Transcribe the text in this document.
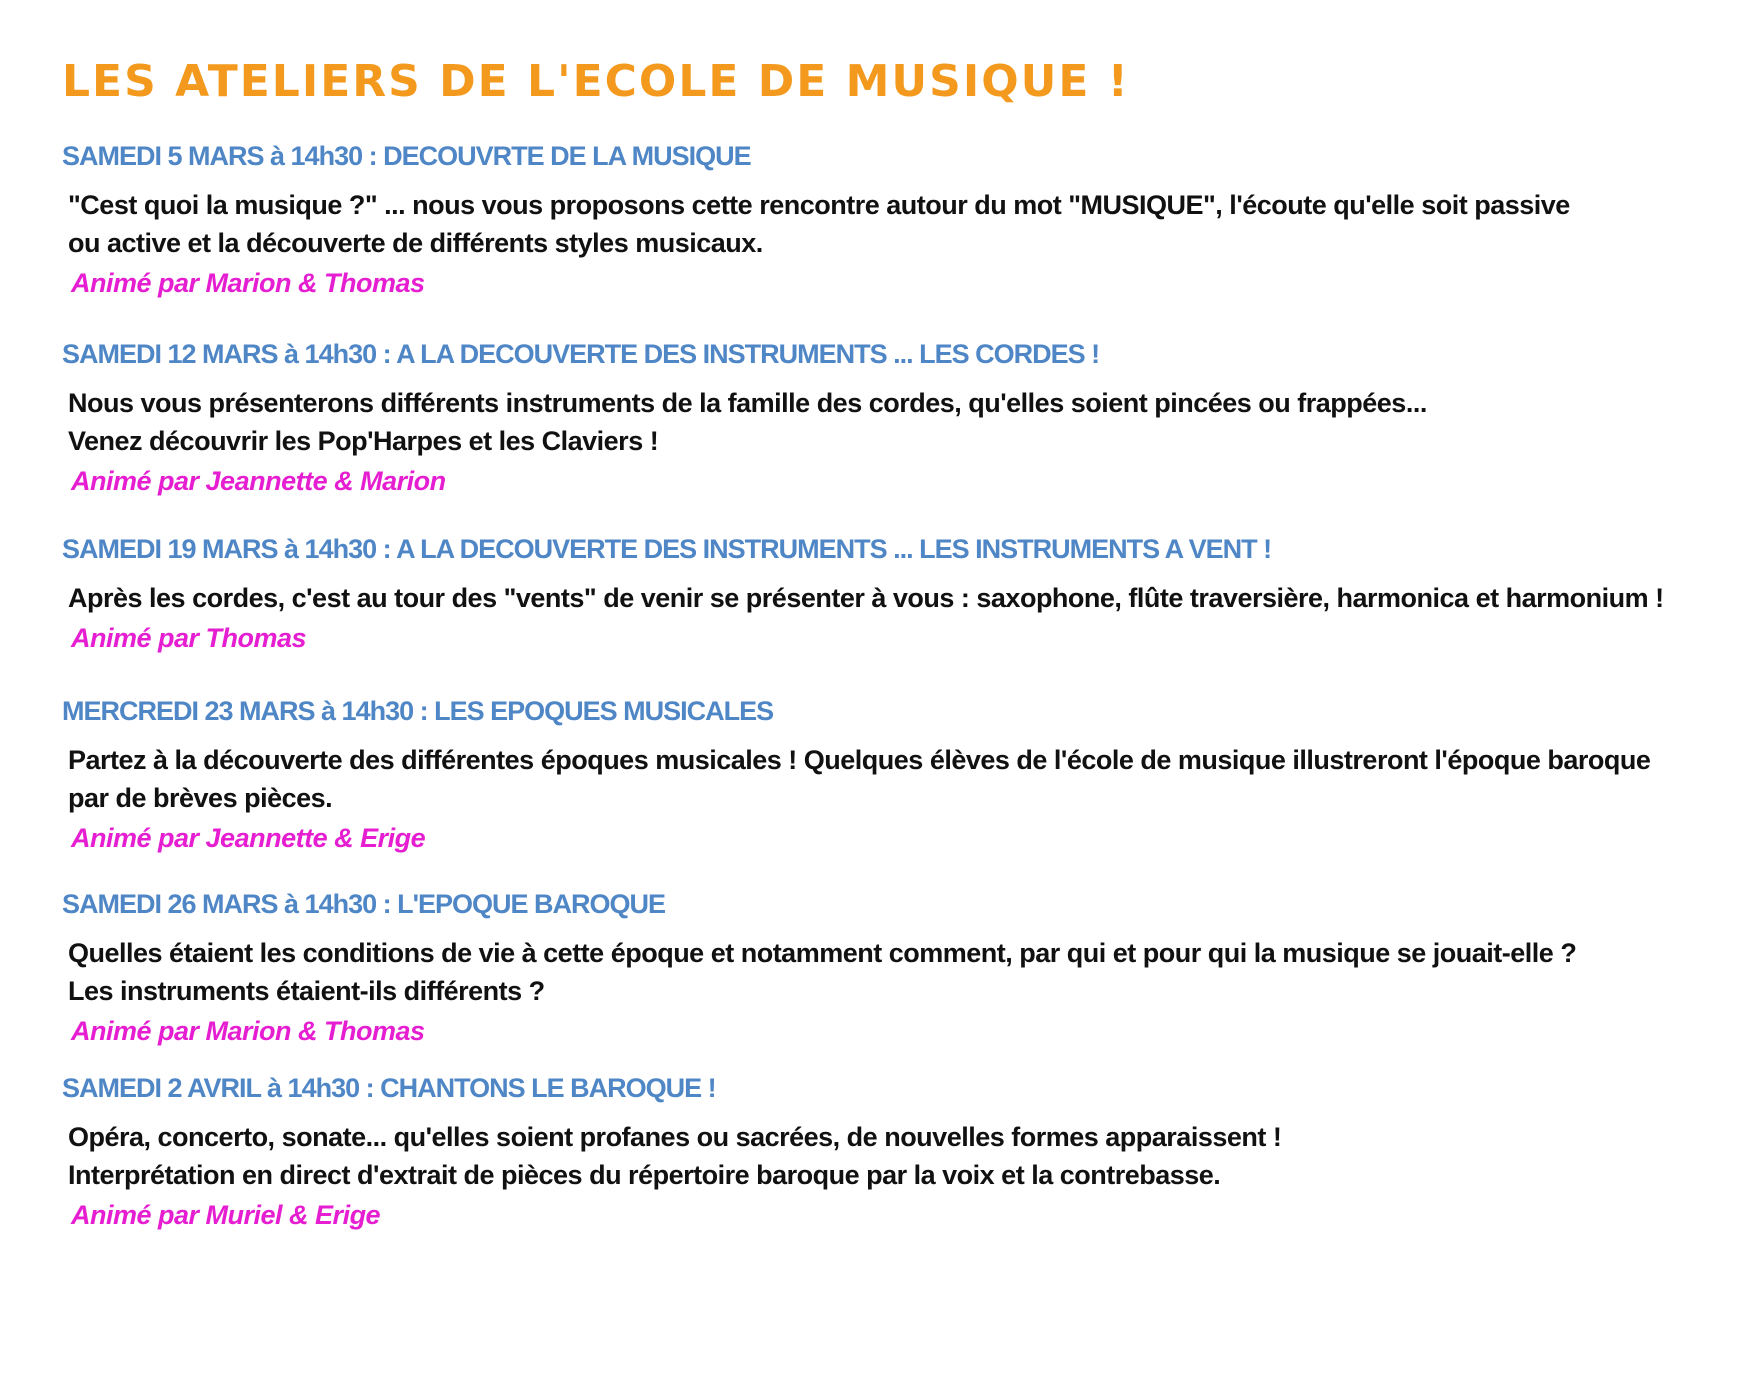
LES ATELIERS DE L'ECOLE DE MUSIQUE !
SAMEDI 5 MARS à 14h30 : DECOUVRTE DE LA MUSIQUE
"Cest quoi la musique ?" ... nous vous proposons cette rencontre autour du mot "MUSIQUE", l'écoute qu'elle soit passive
ou active et la découverte de différents styles musicaux.
Animé par Marion & Thomas
SAMEDI 12 MARS à 14h30 : A LA DECOUVERTE DES INSTRUMENTS ... LES CORDES !
Nous vous présenterons différents instruments de la famille des cordes, qu'elles soient pincées ou frappées...
Venez découvrir les Pop'Harpes et les Claviers !
Animé par Jeannette & Marion
SAMEDI 19 MARS à 14h30 : A LA DECOUVERTE DES INSTRUMENTS ... LES INSTRUMENTS A VENT !
Après les cordes, c'est au tour des "vents" de venir se présenter à vous : saxophone, flûte traversière, harmonica et harmonium !
Animé par Thomas
MERCREDI 23 MARS à 14h30 : LES EPOQUES MUSICALES
Partez à la découverte des différentes époques musicales ! Quelques élèves de l'école de musique illustreront l'époque baroque
par de brèves pièces.
Animé par Jeannette & Erige
SAMEDI 26 MARS à 14h30 : L'EPOQUE BAROQUE
Quelles étaient les conditions de vie à cette époque et notamment comment, par qui et pour qui la musique se jouait-elle ?
Les instruments étaient-ils différents ?
Animé par Marion & Thomas
SAMEDI 2 AVRIL à 14h30 : CHANTONS LE BAROQUE !
Opéra, concerto, sonate... qu'elles soient profanes ou sacrées, de nouvelles formes apparaissent !
Interprétation en direct d'extrait de pièces du répertoire baroque par la voix et la contrebasse.
Animé par Muriel & Erige
